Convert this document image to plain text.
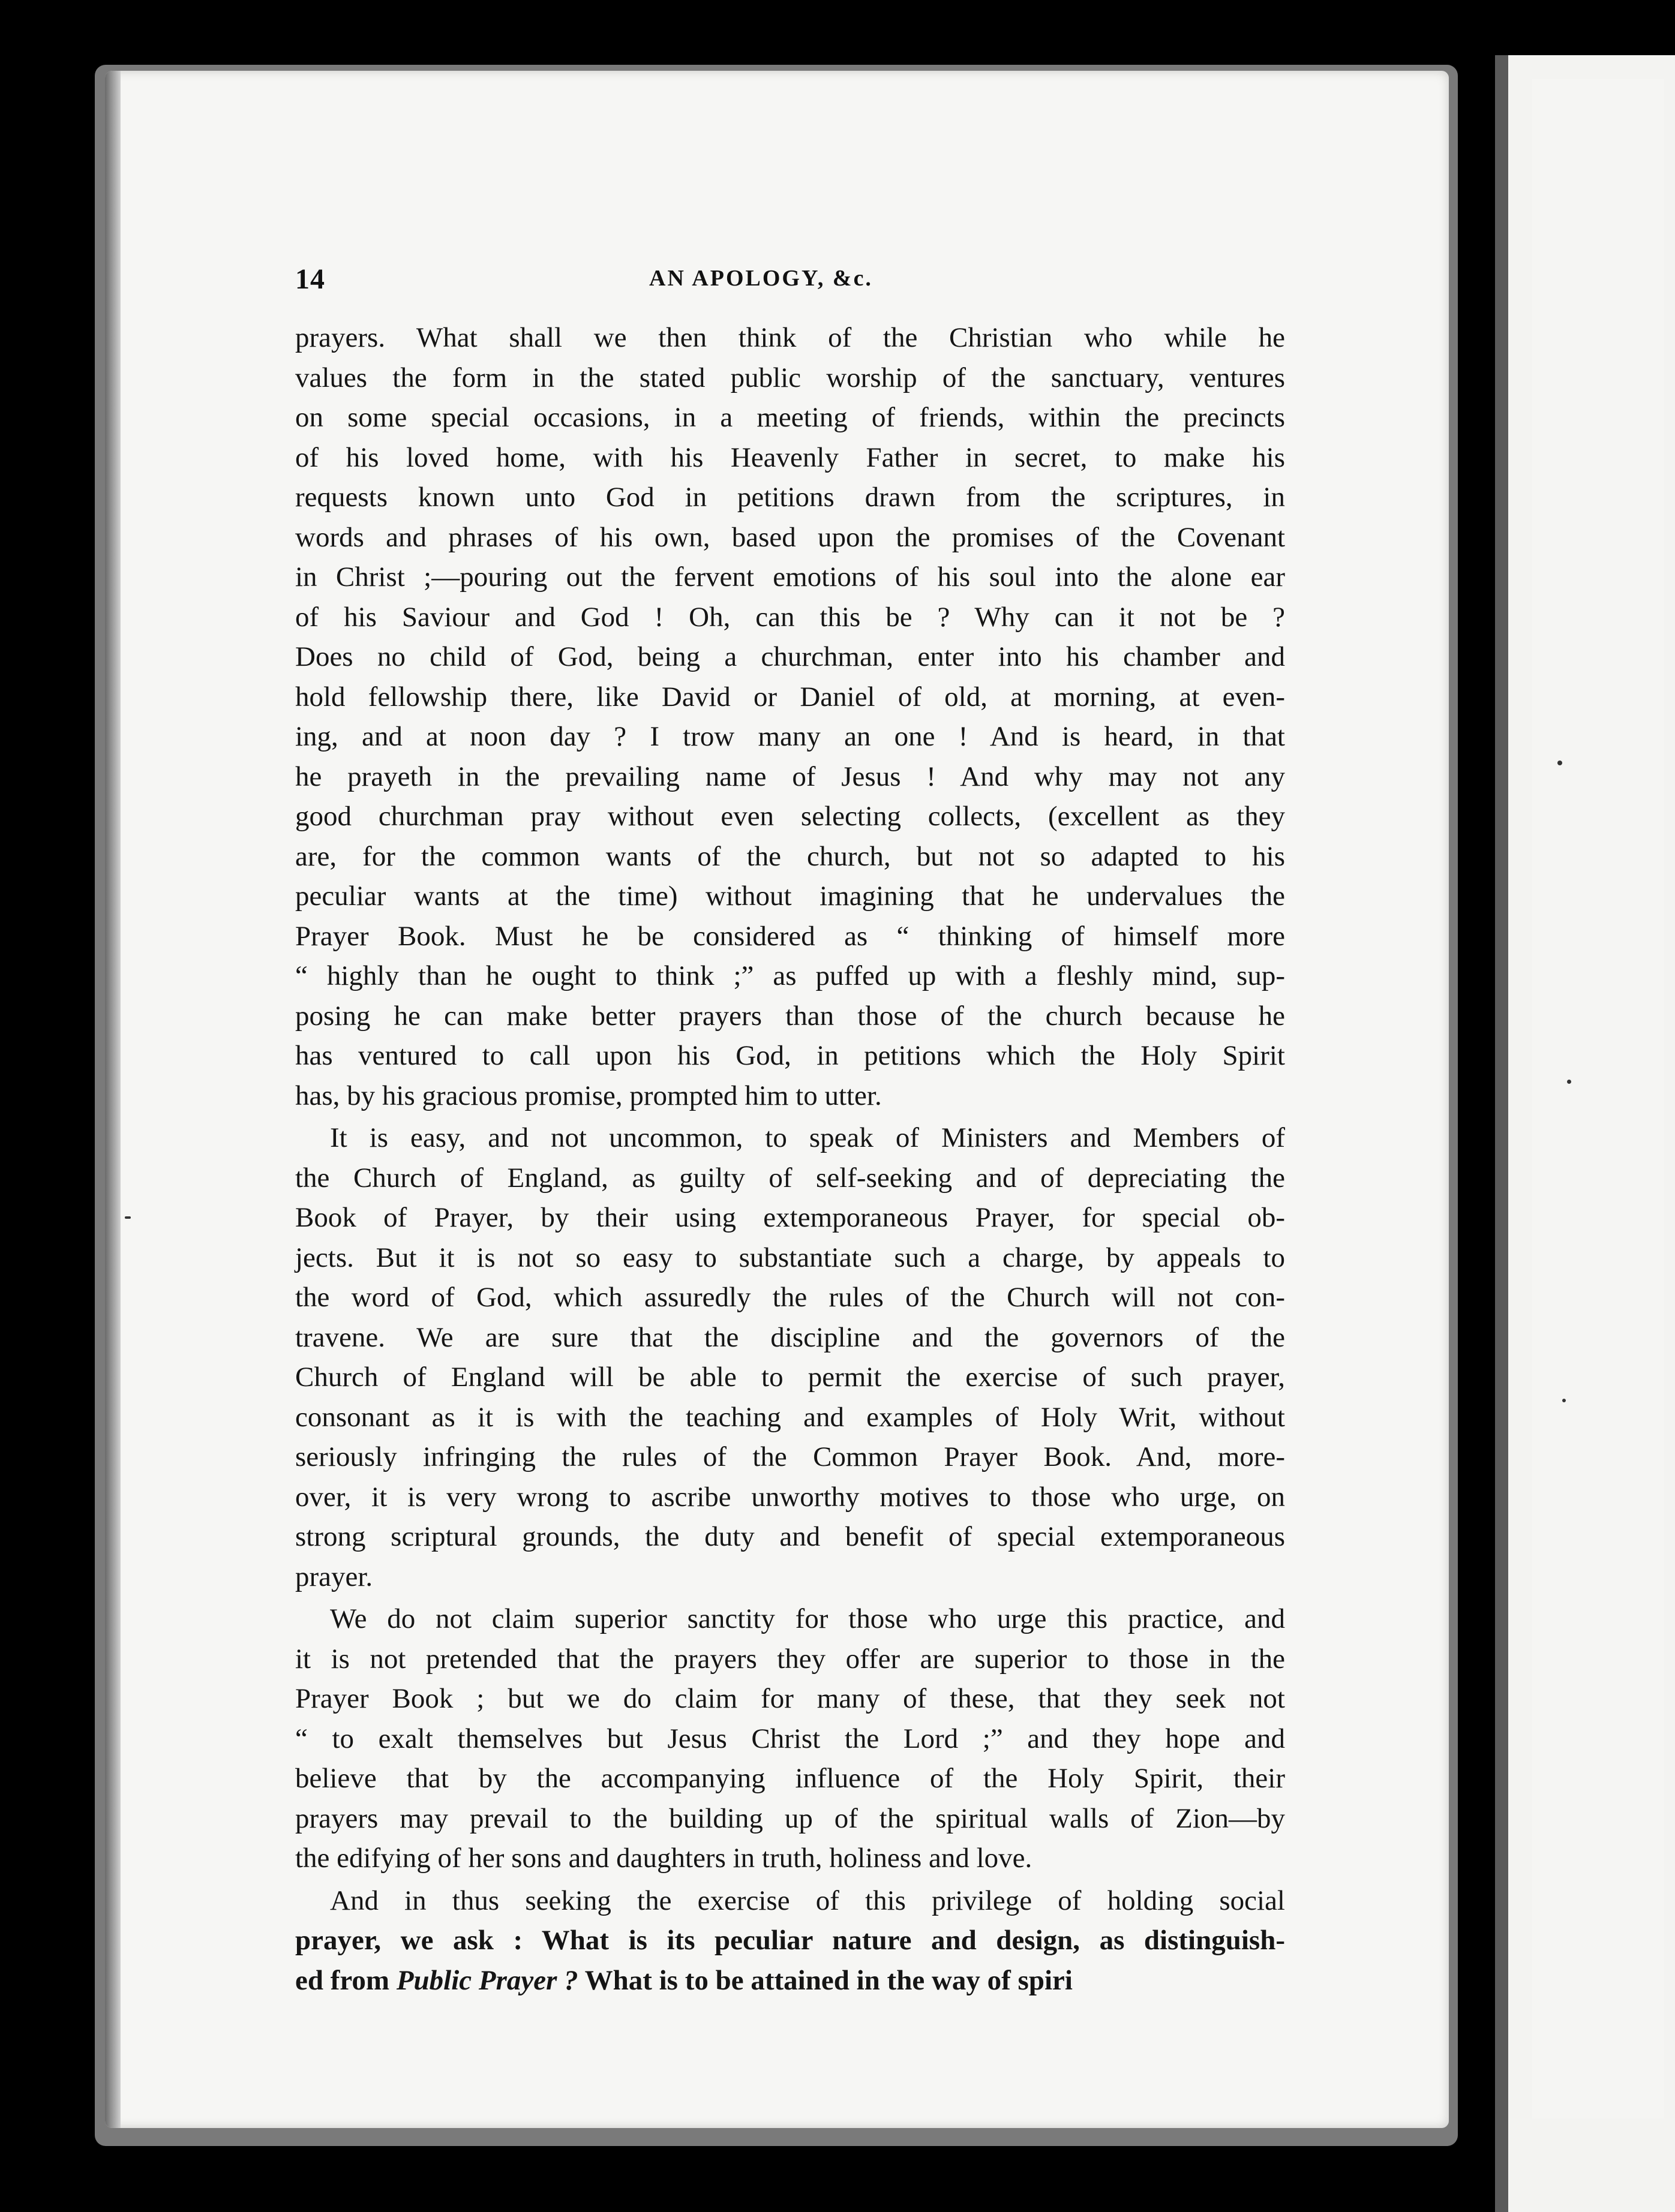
14	AN APOLOGY, &c.
prayers. What shall we then think of the Christian who while he
values the form in the stated public worship of the sanctuary, ventures
on some special occasions, in a meeting of friends, within the precincts
of his loved home, with his Heavenly Father in secret, to make his
requests known unto God in petitions drawn from the scriptures, in
words and phrases of his own, based upon the promises of the Covenant
in Christ ;—pouring out the fervent emotions of his soul into the alone ear
of his Saviour and God ! Oh, can this be ? Why can it not be ?
Does no child of God, being a churchman, enter into his chamber and
hold fellowship there, like David or Daniel of old, at morning, at even-
ing, and at noon day ? I trow many an one ! And is heard, in that
he prayeth in the prevailing name of Jesus ! And why may not any
good churchman pray without even selecting collects, (excellent as they
are, for the common wants of the church, but not so adapted to his
peculiar wants at the time) without imagining that he undervalues the
Prayer Book. Must he be considered as “ thinking of himself more
“ highly than he ought to think ;” as puffed up with a fleshly mind, sup-
posing he can make better prayers than those of the church because he
has ventured to call upon his God, in petitions which the Holy Spirit
has, by his gracious promise, prompted him to utter.
It is easy, and not uncommon, to speak of Ministers and Members of
the Church of England, as guilty of self-seeking and of depreciating the
Book of Prayer, by their using extemporaneous Prayer, for special ob-
jects. But it is not so easy to substantiate such a charge, by appeals to
the word of God, which assuredly the rules of the Church will not con-
travene. We are sure that the discipline and the governors of the
Church of England will be able to permit the exercise of such prayer,
consonant as it is with the teaching and examples of Holy Writ, without
seriously infringing the rules of the Common Prayer Book. And, more-
over, it is very wrong to ascribe unworthy motives to those who urge, on
strong scriptural grounds, the duty and benefit of special extemporaneous
prayer.
We do not claim superior sanctity for those who urge this practice, and
it is not pretended that the prayers they offer are superior to those in the
Prayer Book ; but we do claim for many of these, that they seek not
“ to exalt themselves but Jesus Christ the Lord ;” and they hope and
believe that by the accompanying influence of the Holy Spirit, their
prayers may prevail to the building up of the spiritual walls of Zion—by
the edifying of her sons and daughters in truth, holiness and love.
And in thus seeking the exercise of this privilege of holding social
prayer, we ask : What is its peculiar nature and design, as distinguish-
ed from Public Prayer ? What is to be attained in the way of spiri
